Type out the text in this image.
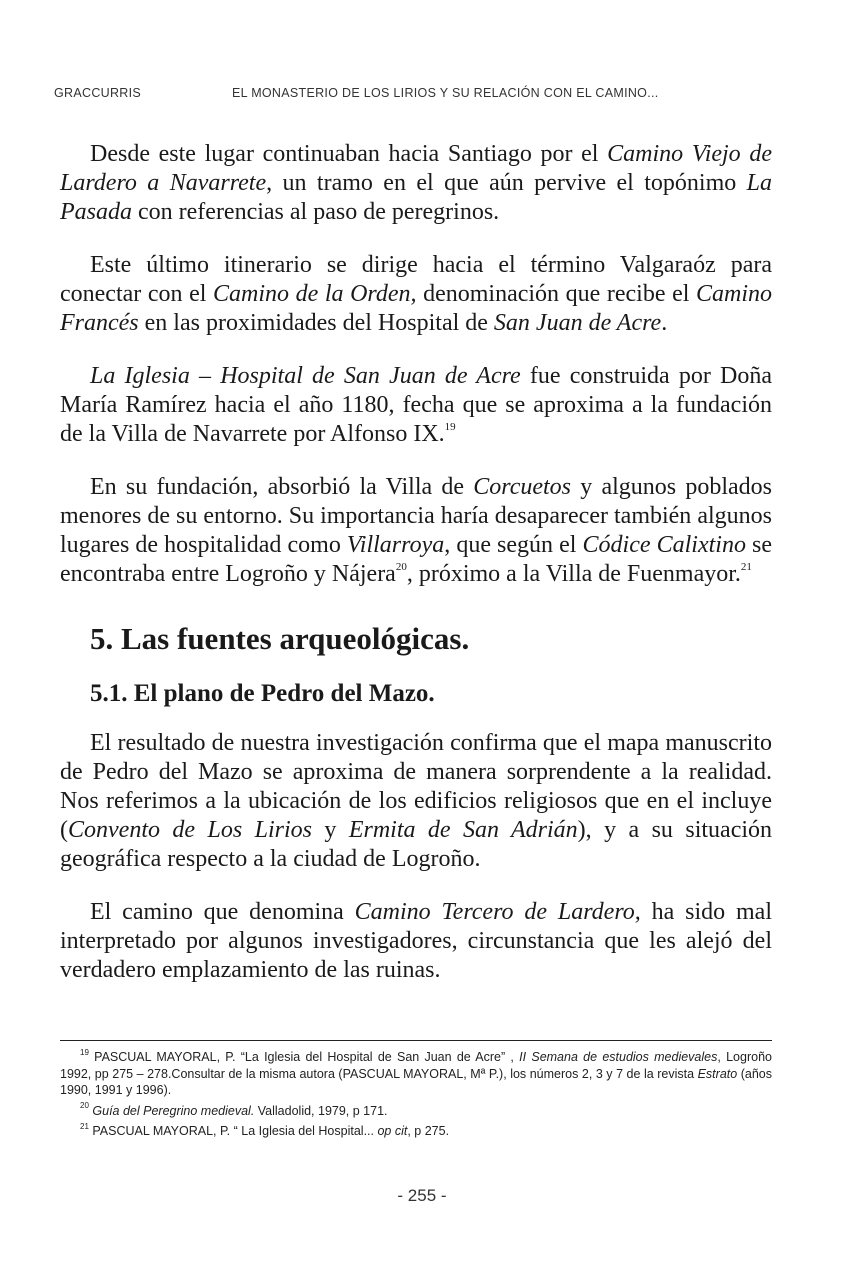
GRACCURRIS	EL MONASTERIO DE LOS LIRIOS Y SU RELACIÓN CON EL CAMINO...

Desde este lugar continuaban hacia Santiago por el Camino Viejo de Lardero a Navarrete, un tramo en el que aún pervive el topónimo La Pasada con referencias al paso de peregrinos.

Este último itinerario se dirige hacia el término Valgaraóz para conectar con el Camino de la Orden, denominación que recibe el Camino Francés en las proximidades del Hospital de San Juan de Acre.

La Iglesia – Hospital de San Juan de Acre fue construida por Doña María Ramírez hacia el año 1180, fecha que se aproxima a la fundación de la Villa de Navarrete por Alfonso IX.$^{19}$

En su fundación, absorbió la Villa de Corcuetos y algunos poblados menores de su entorno. Su importancia haría desaparecer también algunos lugares de hospitalidad como Villarroya, que según el Códice Calixtino se encontraba entre Logroño y Nájera$^{20}$, próximo a la Villa de Fuenmayor.$^{21}$

5. Las fuentes arqueológicas.
5.1. El plano de Pedro del Mazo.

El resultado de nuestra investigación confirma que el mapa manuscrito de Pedro del Mazo se aproxima de manera sorprendente a la realidad. Nos referimos a la ubicación de los edificios religiosos que en el incluye (Convento de Los Lirios y Ermita de San Adrián), y a su situación geográfica respecto a la ciudad de Logroño.

El camino que denomina Camino Tercero de Lardero, ha sido mal interpretado por algunos investigadores, circunstancia que les alejó del verdadero emplazamiento de las ruinas.

$^{19}$ PASCUAL MAYORAL, P. “La Iglesia del Hospital de San Juan de Acre” , II Semana de estudios medievales, Logroño 1992, pp 275 – 278.Consultar de la misma autora (PASCUAL MAYORAL, Mª P.), los números 2, 3 y 7 de la revista Estrato (años 1990, 1991 y 1996).

$^{20}$ Guía del Peregrino medieval. Valladolid, 1979, p 171.

$^{21}$ PASCUAL MAYORAL, P. “ La Iglesia del Hospital... op cit, p 275.

- 255 -
